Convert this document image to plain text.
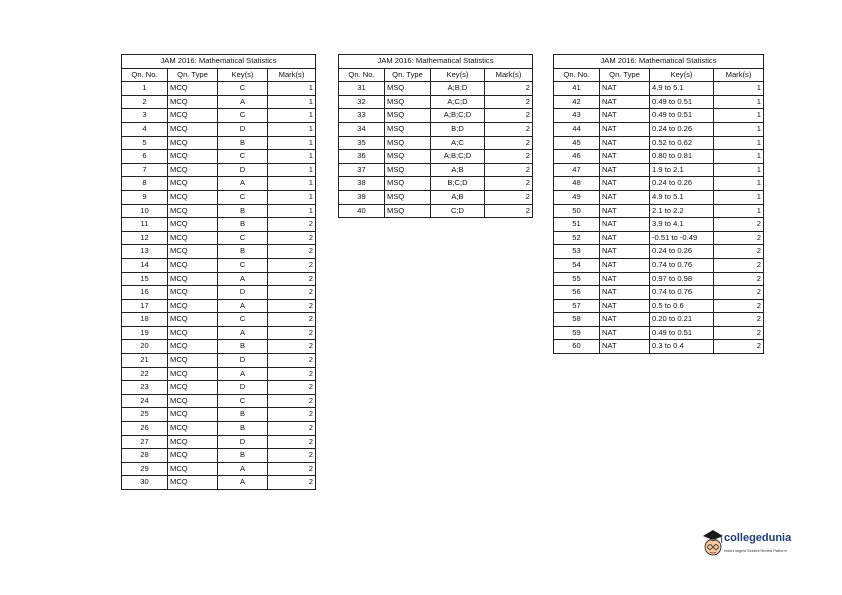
JAM 2016: Mathematical Statistics			
Qn. No.	Qn. Type	Key(s)	Mark(s)
1	MCQ	C	1
2	MCQ	A	1
3	MCQ	C	1
4	MCQ	D	1
5	MCQ	B	1
6	MCQ	C	1
7	MCQ	D	1
8	MCQ	A	1
9	MCQ	C	1
10	MCQ	B	1
11	MCQ	B	2
12	MCQ	C	2
13	MCQ	B	2
14	MCQ	C	2
15	MCQ	A	2
16	MCQ	D	2
17	MCQ	A	2
18	MCQ	C	2
19	MCQ	A	2
20	MCQ	B	2
21	MCQ	D	2
22	MCQ	A	2
23	MCQ	D	2
24	MCQ	C	2
25	MCQ	B	2
26	MCQ	B	2
27	MCQ	D	2
28	MCQ	B	2
29	MCQ	A	2
30	MCQ	A	2
JAM 2016: Mathematical Statistics			
Qn. No.	Qn. Type	Key(s)	Mark(s)
31	MSQ	A;B;D	2
32	MSQ	A;C;D	2
33	MSQ	A;B;C;D	2
34	MSQ	B;D	2
35	MSQ	A;C	2
36	MSQ	A;B;C;D	2
37	MSQ	A;B	2
38	MSQ	B;C;D	2
39	MSQ	A;B	2
40	MSQ	C;D	2
JAM 2016: Mathematical Statistics			
Qn. No.	Qn. Type	Key(s)	Mark(s)
41	NAT	4.9 to 5.1	1
42	NAT	0.49 to 0.51	1
43	NAT	0.49 to 0.51	1
44	NAT	0.24 to 0.26	1
45	NAT	0.52 to 0.62	1
46	NAT	0.80 to 0.81	1
47	NAT	1.9 to 2.1	1
48	NAT	0.24 to 0.26	1
49	NAT	4.9 to 5.1	1
50	NAT	2.1 to 2.2	1
51	NAT	3.9 to 4.1	2
52	NAT	-0.51 to -0.49	2
53	NAT	0.24 to 0.26	2
54	NAT	0.74 to 0.76	2
55	NAT	0.97 to 0.98	2
56	NAT	0.74 to 0.76	2
57	NAT	0.5 to 0.6	2
58	NAT	0.20 to 0.21	2
59	NAT	0.49 to 0.51	2
60	NAT	0.3 to 0.4	2
collegedunia
India's largest Student Review Platform
